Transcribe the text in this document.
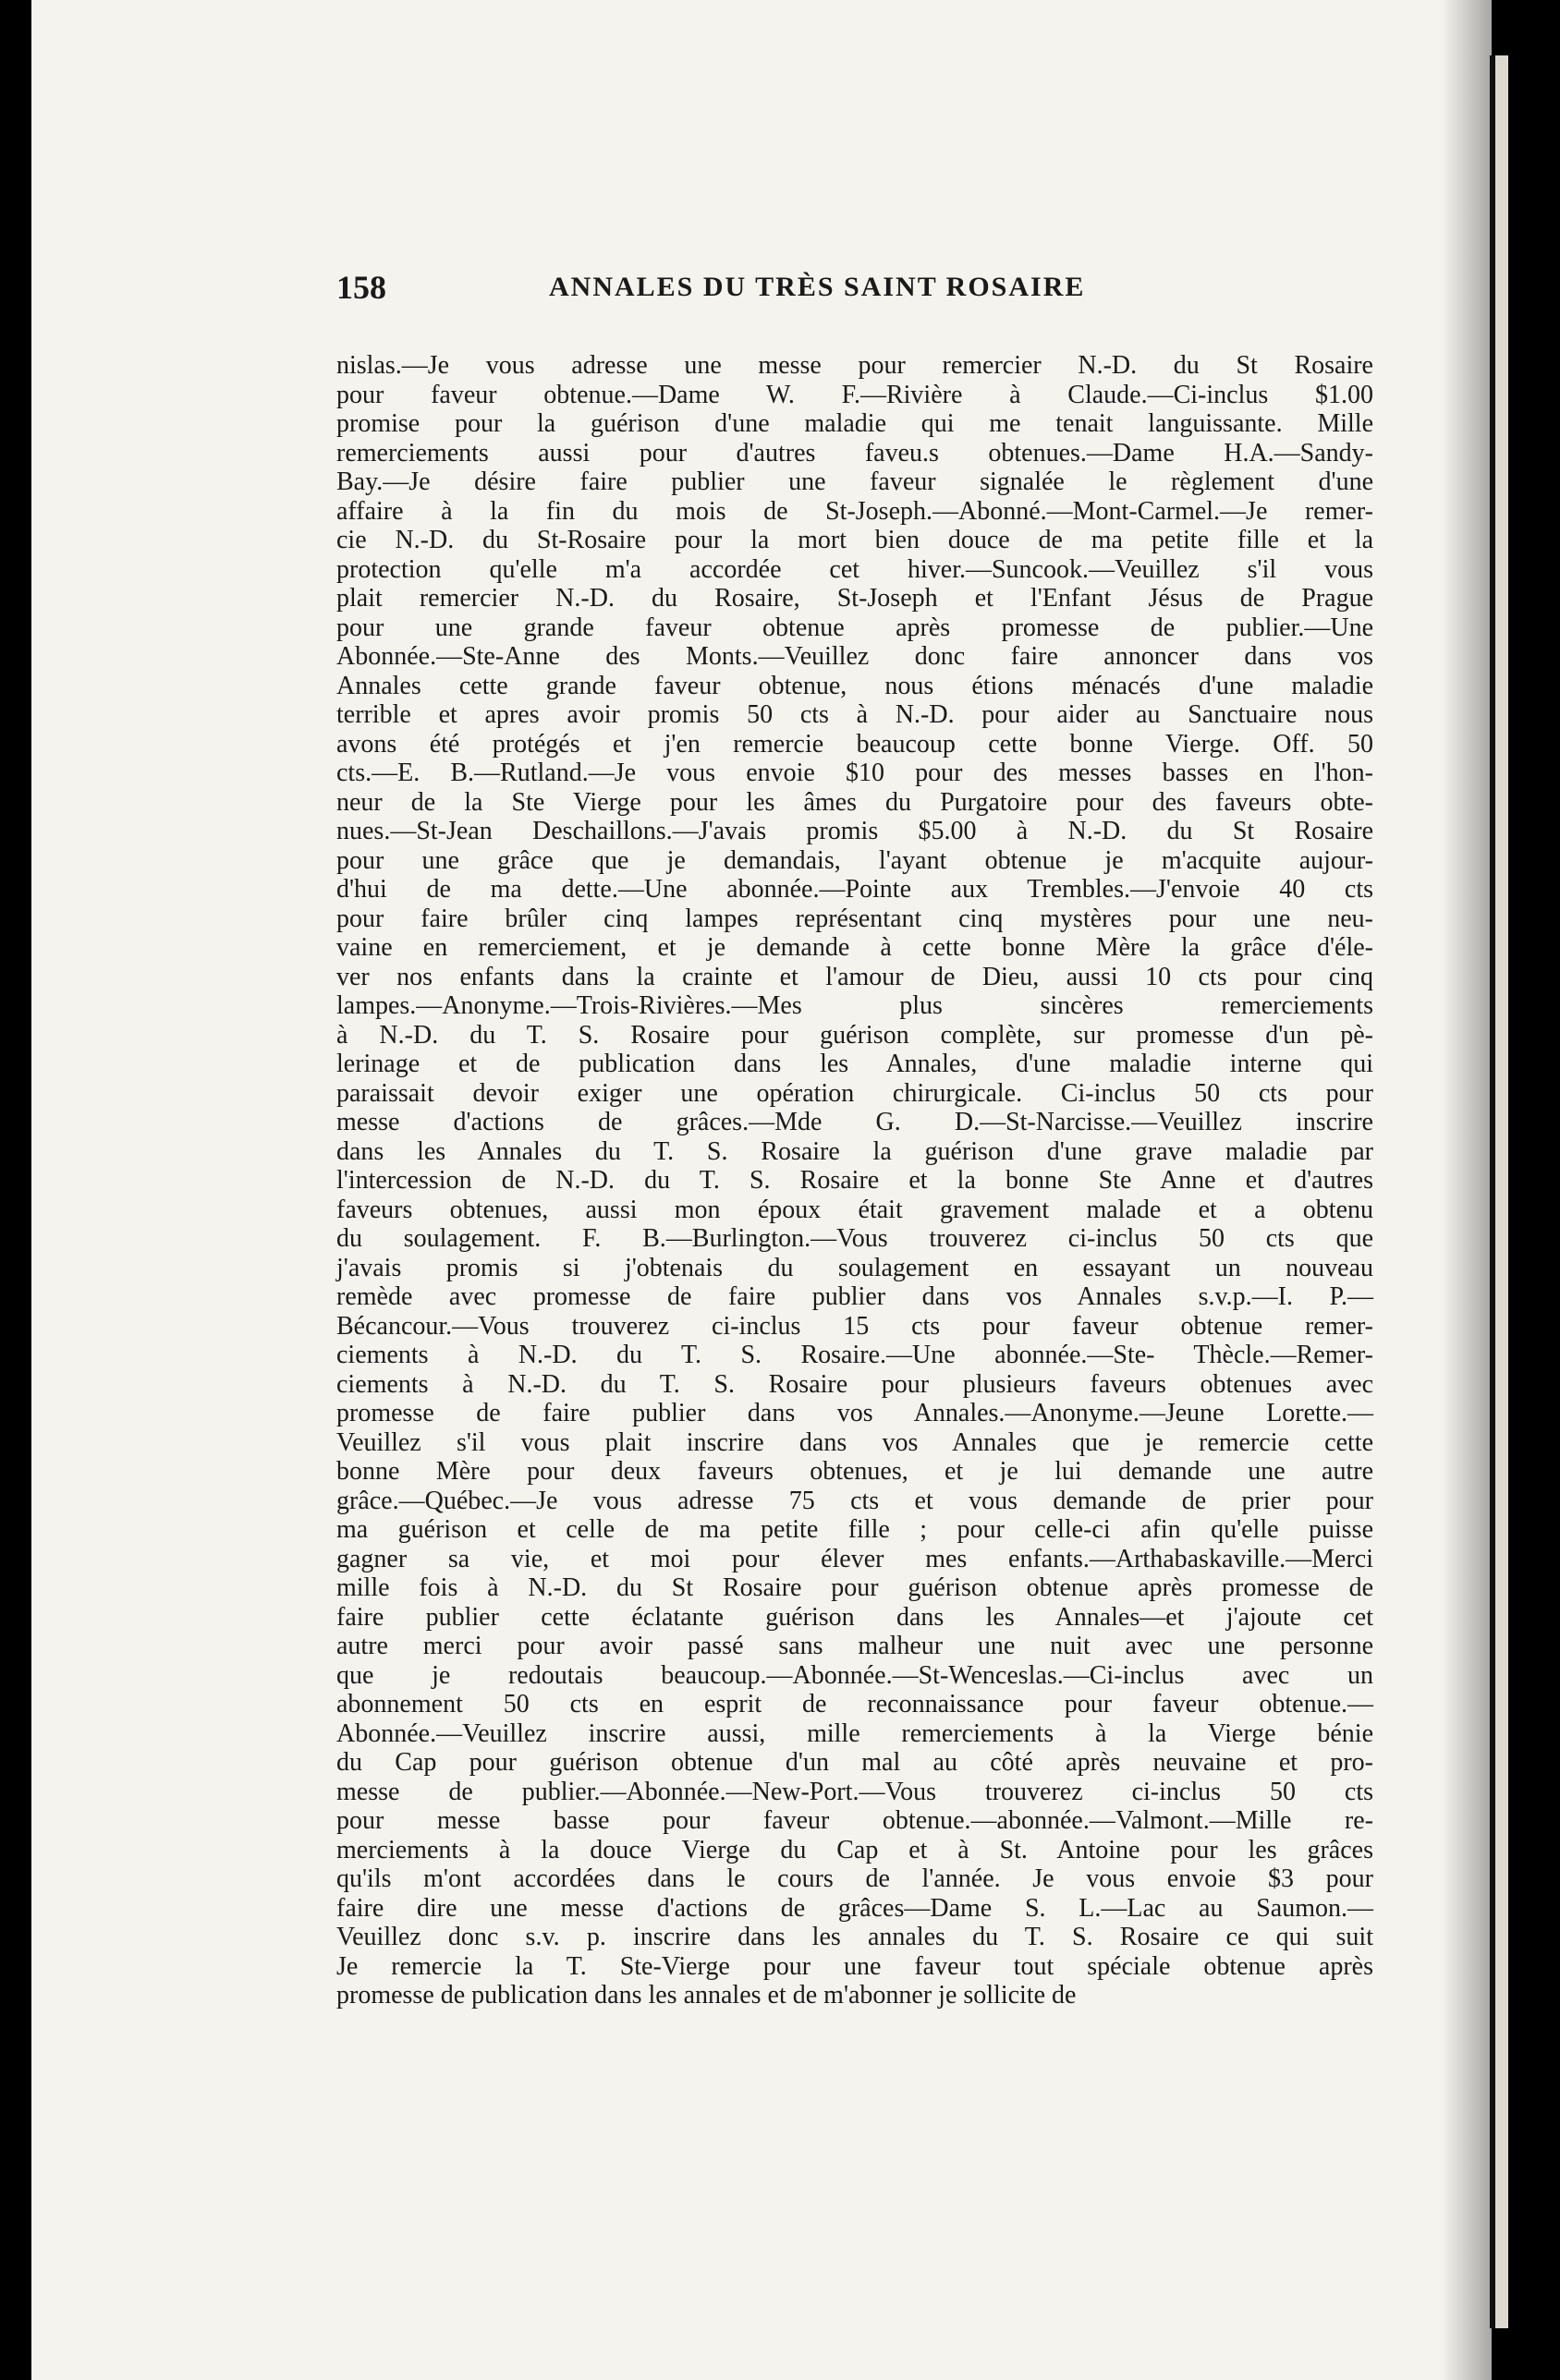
158	ANNALES DU TRÈS SAINT ROSAIRE
nislas.—Je vous adresse une messe pour remercier N.-D. du St Rosaire
pour faveur obtenue.—Dame W. F.—Rivière à Claude.—Ci-inclus $1.00
promise pour la guérison d'une maladie qui me tenait languissante. Mille
remerciements aussi pour d'autres faveu.s obtenues.—Dame H.A.—Sandy-
Bay.—Je désire faire publier une faveur signalée le règlement d'une
affaire à la fin du mois de St-Joseph.—Abonné.—Mont-Carmel.—Je remer-
cie N.-D. du St-Rosaire pour la mort bien douce de ma petite fille et la
protection qu'elle m'a accordée cet hiver.—Suncook.—Veuillez s'il vous
plait remercier N.-D. du Rosaire, St-Joseph et l'Enfant Jésus de Prague
pour une grande faveur obtenue après promesse de publier.—Une
Abonnée.—Ste-Anne des Monts.—Veuillez donc faire annoncer dans vos
Annales cette grande faveur obtenue, nous étions ménacés d'une maladie
terrible et apres avoir promis 50 cts à N.-D. pour aider au Sanctuaire nous
avons été protégés et j'en remercie beaucoup cette bonne Vierge. Off. 50
cts.—E. B.—Rutland.—Je vous envoie $10 pour des messes basses en l'hon-
neur de la Ste Vierge pour les âmes du Purgatoire pour des faveurs obte-
nues.—St-Jean Deschaillons.—J'avais promis $5.00 à N.-D. du St Rosaire
pour une grâce que je demandais, l'ayant obtenue je m'acquite aujour-
d'hui de ma dette.—Une abonnée.—Pointe aux Trembles.—J'envoie 40 cts
pour faire brûler cinq lampes représentant cinq mystères pour une neu-
vaine en remerciement, et je demande à cette bonne Mère la grâce d'éle-
ver nos enfants dans la crainte et l'amour de Dieu, aussi 10 cts pour cinq
lampes.—Anonyme.—Trois-Rivières.—Mes plus sincères remerciements
à N.-D. du T. S. Rosaire pour guérison complète, sur promesse d'un pè-
lerinage et de publication dans les Annales, d'une maladie interne qui
paraissait devoir exiger une opération chirurgicale. Ci-inclus 50 cts pour
messe d'actions de grâces.—Mde G. D.—St-Narcisse.—Veuillez inscrire
dans les Annales du T. S. Rosaire la guérison d'une grave maladie par
l'intercession de N.-D. du T. S. Rosaire et la bonne Ste Anne et d'autres
faveurs obtenues, aussi mon époux était gravement malade et a obtenu
du soulagement. F. B.—Burlington.—Vous trouverez ci-inclus 50 cts que
j'avais promis si j'obtenais du soulagement en essayant un nouveau
remède avec promesse de faire publier dans vos Annales s.v.p.—I. P.—
Bécancour.—Vous trouverez ci-inclus 15 cts pour faveur obtenue remer-
ciements à N.-D. du T. S. Rosaire.—Une abonnée.—Ste- Thècle.—Remer-
ciements à N.-D. du T. S. Rosaire pour plusieurs faveurs obtenues avec
promesse de faire publier dans vos Annales.—Anonyme.—Jeune Lorette.—
Veuillez s'il vous plait inscrire dans vos Annales que je remercie cette
bonne Mère pour deux faveurs obtenues, et je lui demande une autre
grâce.—Québec.—Je vous adresse 75 cts et vous demande de prier pour
ma guérison et celle de ma petite fille ; pour celle-ci afin qu'elle puisse
gagner sa vie, et moi pour élever mes enfants.—Arthabaskaville.—Merci
mille fois à N.-D. du St Rosaire pour guérison obtenue après promesse de
faire publier cette éclatante guérison dans les Annales—et j'ajoute cet
autre merci pour avoir passé sans malheur une nuit avec une personne
que je redoutais beaucoup.—Abonnée.—St-Wenceslas.—Ci-inclus avec un
abonnement 50 cts en esprit de reconnaissance pour faveur obtenue.—
Abonnée.—Veuillez inscrire aussi, mille remerciements à la Vierge bénie
du Cap pour guérison obtenue d'un mal au côté après neuvaine et pro-
messe de publier.—Abonnée.—New-Port.—Vous trouverez ci-inclus 50 cts
pour messe basse pour faveur obtenue.—abonnée.—Valmont.—Mille re-
merciements à la douce Vierge du Cap et à St. Antoine pour les grâces
qu'ils m'ont accordées dans le cours de l'année. Je vous envoie $3 pour
faire dire une messe d'actions de grâces—Dame S. L.—Lac au Saumon.—
Veuillez donc s.v. p. inscrire dans les annales du T. S. Rosaire ce qui suit
Je remercie la T. Ste-Vierge pour une faveur tout spéciale obtenue après
promesse de publication dans les annales et de m'abonner je sollicite de
